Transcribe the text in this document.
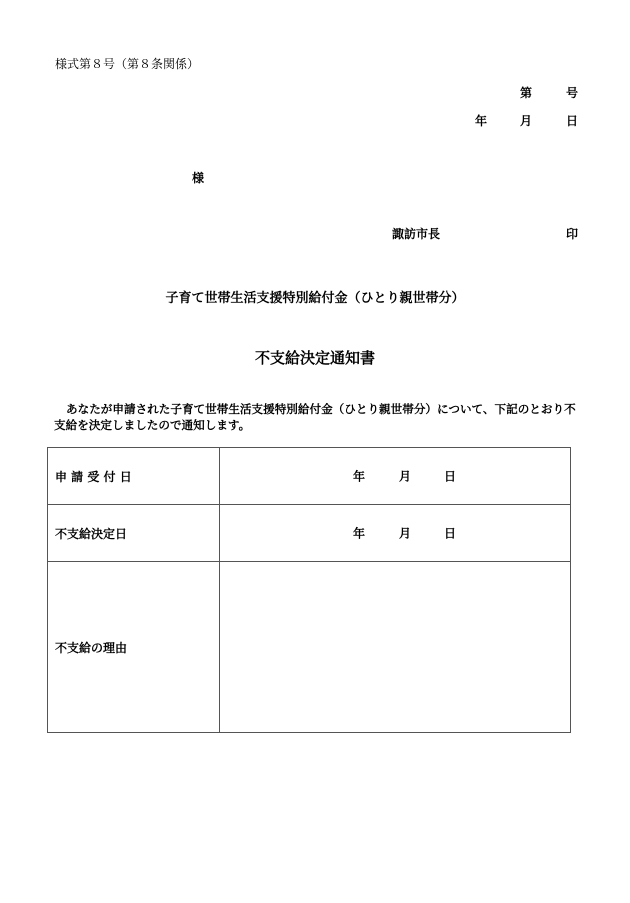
様式第８号（第８条関係）
第	号
年	月	日
様
諏訪市長	印
子育て世帯生活支援特別給付金（ひとり親世帯分）
不支給決定通知書
あなたが申請された子育て世帯生活支援特別給付金（ひとり親世帯分）について、下記のとおり不支給を決定しましたので通知します。
申 請 受 付 日	年 月 日

不支給決定日	年 月 日

不支給の理由	
